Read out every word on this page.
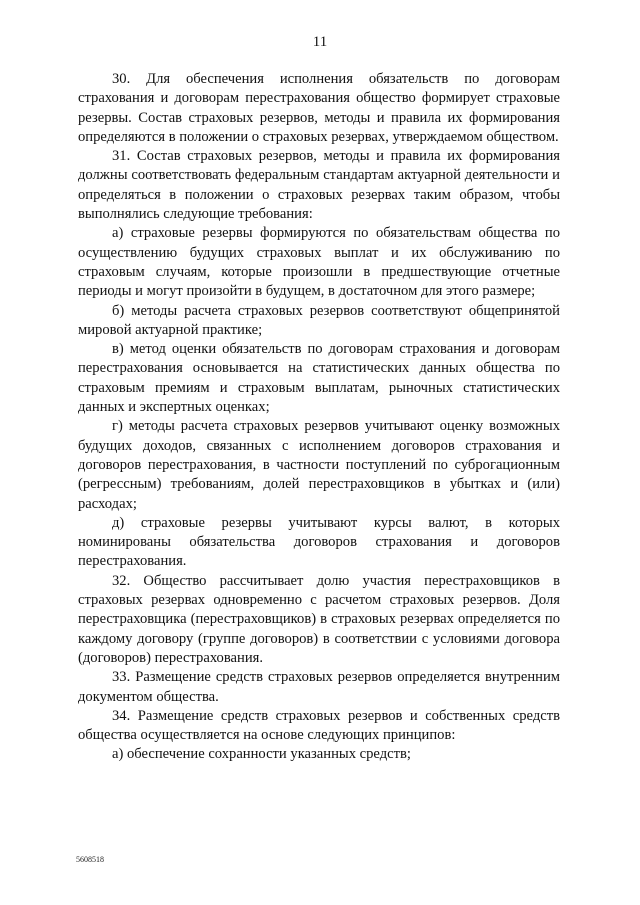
11

30. Для обеспечения исполнения обязательств по договорам страхования и договорам перестрахования общество формирует страховые резервы. Состав страховых резервов, методы и правила их формирования определяются в положении о страховых резервах, утверждаемом обществом.

31. Состав страховых резервов, методы и правила их формирования должны соответствовать федеральным стандартам актуарной деятельности и определяться в положении о страховых резервах таким образом, чтобы выполнялись следующие требования:

а) страховые резервы формируются по обязательствам общества по осуществлению будущих страховых выплат и их обслуживанию по страховым случаям, которые произошли в предшествующие отчетные периоды и могут произойти в будущем, в достаточном для этого размере;

б) методы расчета страховых резервов соответствуют общепринятой мировой актуарной практике;

в) метод оценки обязательств по договорам страхования и договорам перестрахования основывается на статистических данных общества по страховым премиям и страховым выплатам, рыночных статистических данных и экспертных оценках;

г) методы расчета страховых резервов учитывают оценку возможных будущих доходов, связанных с исполнением договоров страхования и договоров перестрахования, в частности поступлений по суброгационным (регрессным) требованиям, долей перестраховщиков в убытках и (или) расходах;

д) страховые резервы учитывают курсы валют, в которых номинированы обязательства договоров страхования и договоров перестрахования.

32. Общество рассчитывает долю участия перестраховщиков в страховых резервах одновременно с расчетом страховых резервов. Доля перестраховщика (перестраховщиков) в страховых резервах определяется по каждому договору (группе договоров) в соответствии с условиями договора (договоров) перестрахования.

33. Размещение средств страховых резервов определяется внутренним документом общества.

34. Размещение средств страховых резервов и собственных средств общества осуществляется на основе следующих принципов:

а) обеспечение сохранности указанных средств;

5608518
